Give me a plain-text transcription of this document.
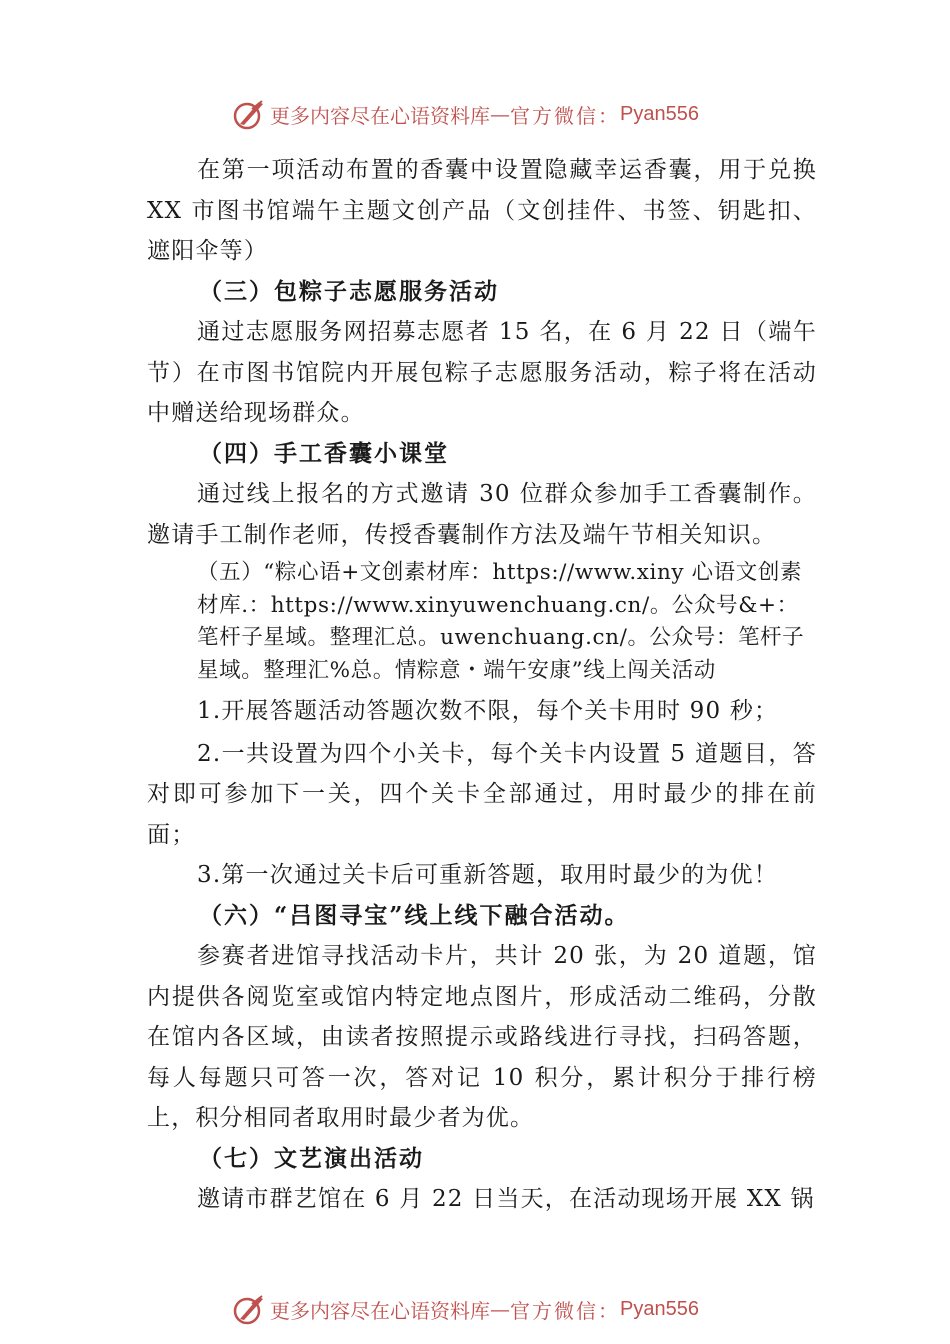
更多内容尽在心语资料库 — 官方微信： Pyan556

在第一项活动布置的香囊中设置隐藏幸运香囊，用于兑换 XX 市图书馆端午主题文创产品（文创挂件、书签、钥匙扣、遮阳伞等）

（三）包粽子志愿服务活动

通过志愿服务网招募志愿者 15 名，在 6 月 22 日（端午节）在市图书馆院内开展包粽子志愿服务活动，粽子将在活动中赠送给现场群众。

（四）手工香囊小课堂

通过线上报名的方式邀请 30 位群众参加手工香囊制作。邀请手工制作老师，传授香囊制作方法及端午节相关知识。

（五）“粽心语+文创素材库：https://www.xiny 心语文创素材库.：https://www.xinyuwenchuang.cn/。公众号&+：笔杆子星域。整理汇总。uwenchuang.cn/。公众号：笔杆子星域。整理汇%总。情粽意・端午安康”线上闯关活动

1.开展答题活动答题次数不限，每个关卡用时 90 秒；

2.一共设置为四个小关卡，每个关卡内设置 5 道题目，答对即可参加下一关，四个关卡全部通过，用时最少的排在前面；

3.第一次通过关卡后可重新答题，取用时最少的为优！

（六）“吕图寻宝”线上线下融合活动。

参赛者进馆寻找活动卡片，共计 20 张，为 20 道题，馆内提供各阅览室或馆内特定地点图片，形成活动二维码，分散在馆内各区域，由读者按照提示或路线进行寻找，扫码答题，每人每题只可答一次，答对记 10 积分，累计积分于排行榜上，积分相同者取用时最少者为优。

（七）文艺演出活动

邀请市群艺馆在 6 月 22 日当天，在活动现场开展 XX 锅

更多内容尽在心语资料库 — 官方微信： Pyan556
